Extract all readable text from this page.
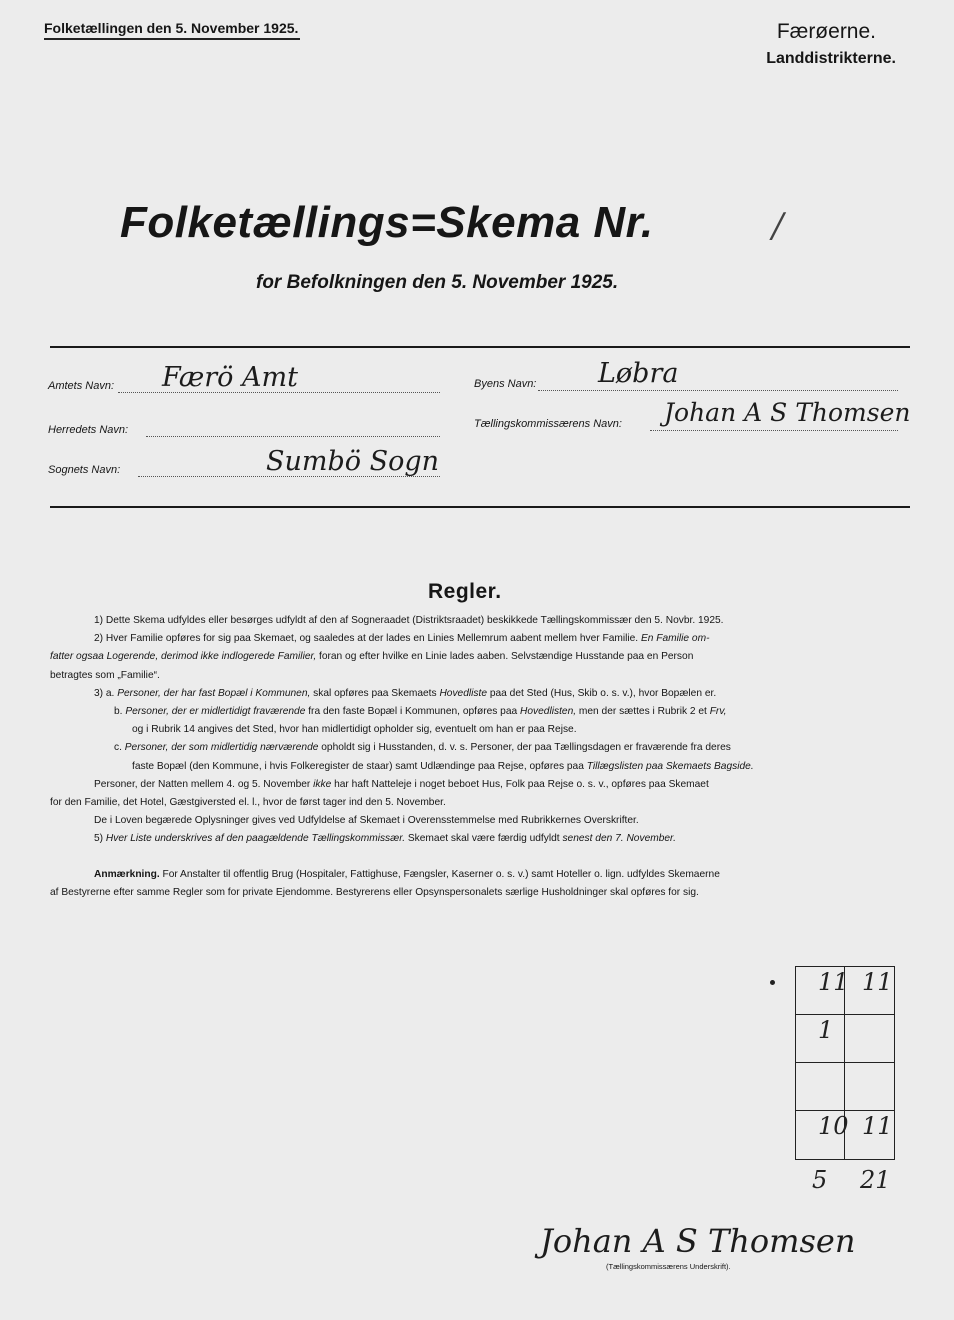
Folketællingen den 5. November 1925.	Færøerne.
Landdistrikterne.
Folketællings=Skema Nr.	/
for Befolkningen den 5. November 1925.
Amtets Navn: Færö Amt	Byens Navn: Løbra
Herredets Navn:	Tællingskommissærens Navn: Johan A S Thomsen
Sognets Navn:	Sumbö Sogn
Regler.
1) Dette Skema udfyldes eller besørges udfyldt af den af Sogneraadet (Distriktsraadet) beskikkede Tællingskommissær den 5. Novbr. 1925.
2) Hver Familie opføres for sig paa Skemaet, og saaledes at der lades en Linies Mellemrum aabent mellem hver Familie. En Familie om-
fatter ogsaa Logerende, derimod ikke indlogerede Familier, foran og efter hvilke en Linie lades aaben. Selvstændige Husstande paa en Person
betragtes som „Familie“.
3) a. Personer, der har fast Bopæl i Kommunen, skal opføres paa Skemaets Hovedliste paa det Sted (Hus, Skib o. s. v.), hvor Bopælen er.
b. Personer, der er midlertidigt fraværende fra den faste Bopæl i Kommunen, opføres paa Hovedlisten, men der sættes i Rubrik 2 et Frv,
og i Rubrik 14 angives det Sted, hvor han midlertidigt opholder sig, eventuelt om han er paa Rejse.
c. Personer, der som midlertidig nærværende opholdt sig i Husstanden, d. v. s. Personer, der paa Tællingsdagen er fraværende fra deres
faste Bopæl (den Kommune, i hvis Folkeregister de staar) samt Udlændinge paa Rejse, opføres paa Tillægslisten paa Skemaets Bagside.
Personer, der Natten mellem 4. og 5. November ikke har haft Natteleje i noget beboet Hus, Folk paa Rejse o. s. v., opføres paa Skemaet
for den Familie, det Hotel, Gæstgiversted el. l., hvor de først tager ind den 5. November.
De i Loven begærede Oplysninger gives ved Udfyldelse af Skemaet i Overensstemmelse med Rubrikkernes Overskrifter.
5) Hver Liste underskrives af den paagældende Tællingskommissær. Skemaet skal være færdig udfyldt senest den 7. November.
Anmærkning. For Anstalter til offentlig Brug (Hospitaler, Fattighuse, Fængsler, Kaserner o. s. v.) samt Hoteller o. lign. udfyldes Skemaerne
af Bestyrerne efter samme Regler som for private Ejendomme. Bestyrerens eller Opsynspersonalets særlige Husholdninger skal opføres for sig.
11 11
1
10 11
5 21
Johan A S Thomsen
(Tællingskommissærens Underskrift).
